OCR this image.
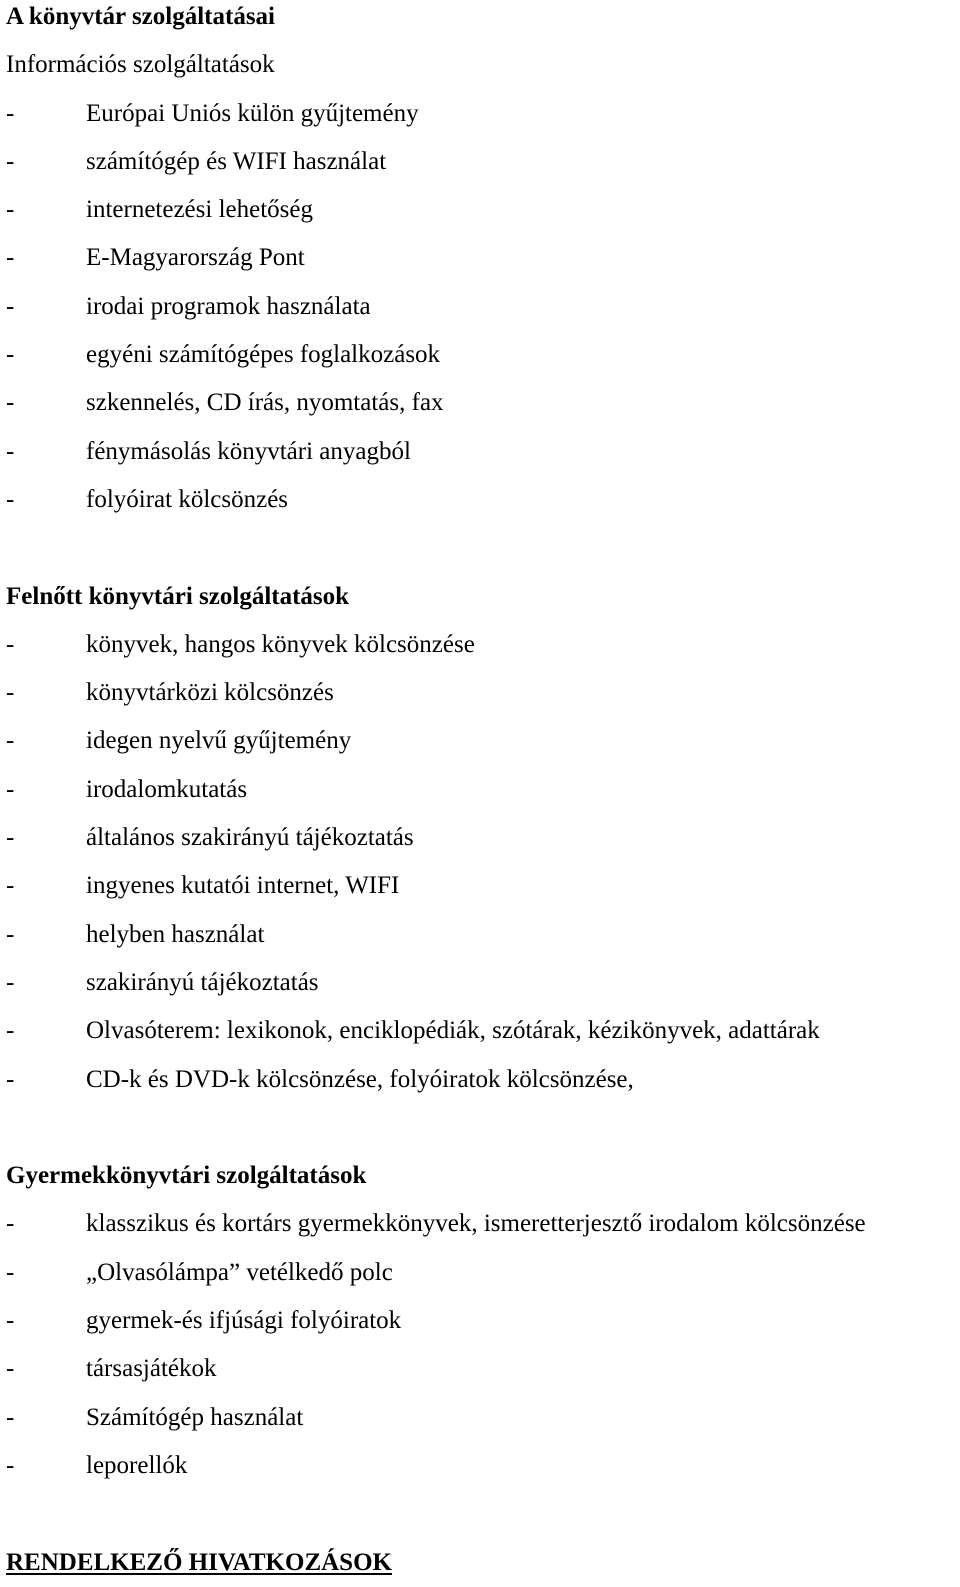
A könyvtár szolgáltatásai
Információs szolgáltatások
-	Európai Uniós külön gyűjtemény
-	számítógép és WIFI használat
-	internetezési lehetőség
-	E-Magyarország Pont
-	irodai programok használata
-	egyéni számítógépes foglalkozások
-	szkennelés, CD írás, nyomtatás, fax
-	fénymásolás könyvtári anyagból
-	folyóirat kölcsönzés
Felnőtt könyvtári szolgáltatások
-	könyvek, hangos könyvek kölcsönzése
-	könyvtárközi kölcsönzés
-	idegen nyelvű gyűjtemény
-	irodalomkutatás
-	általános szakirányú tájékoztatás
-	ingyenes kutatói internet, WIFI
-	helyben használat
-	szakirányú tájékoztatás
-	Olvasóterem: lexikonok, enciklopédiák, szótárak, kézikönyvek, adattárak
-	CD-k és DVD-k kölcsönzése, folyóiratok kölcsönzése,
Gyermekkönyvtári szolgáltatások
-	klasszikus és kortárs gyermekkönyvek, ismeretterjesztő irodalom kölcsönzése
-	„Olvasólámpa” vetélkedő polc
-	gyermek-és ifjúsági folyóiratok
-	társasjátékok
-	Számítógép használat
-	leporellók
RENDELKEZŐ HIVATKOZÁSOK
